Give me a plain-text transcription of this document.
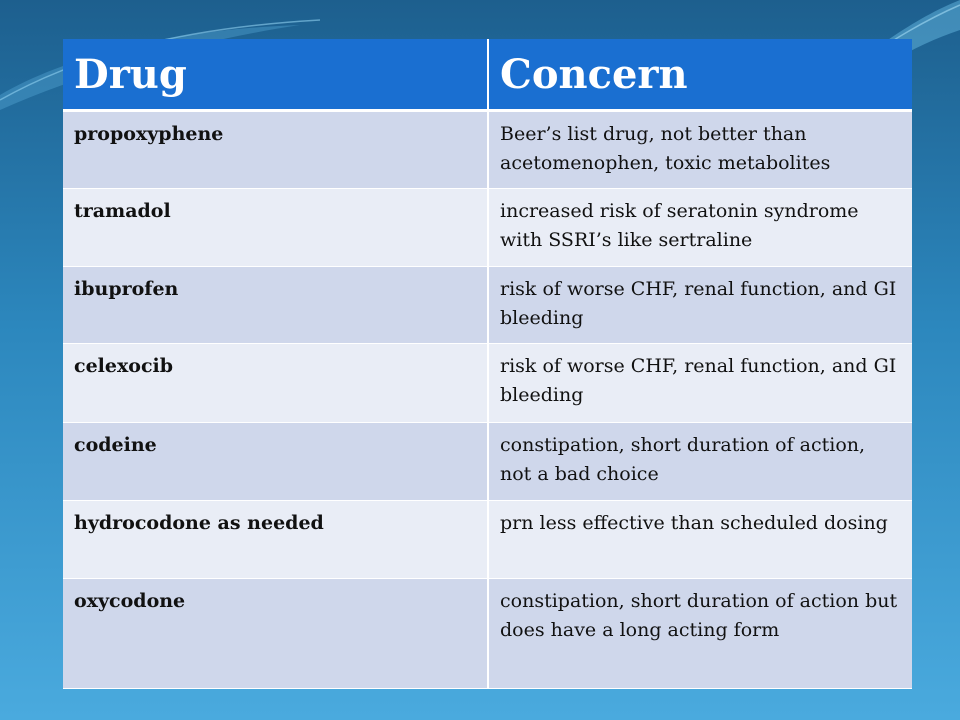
Drug	Concern
propoxyphene	Beer’s list drug, not better than acetomenophen, toxic metabolites
tramadol	increased risk of seratonin syndrome with SSRI’s like sertraline
ibuprofen	risk of worse CHF, renal function, and GI bleeding
celexocib	risk of worse CHF, renal function, and GI bleeding
codeine	constipation, short duration of action, not a bad choice
hydrocodone as needed	prn less effective than scheduled dosing
oxycodone	constipation, short duration of action but does have a long acting form
